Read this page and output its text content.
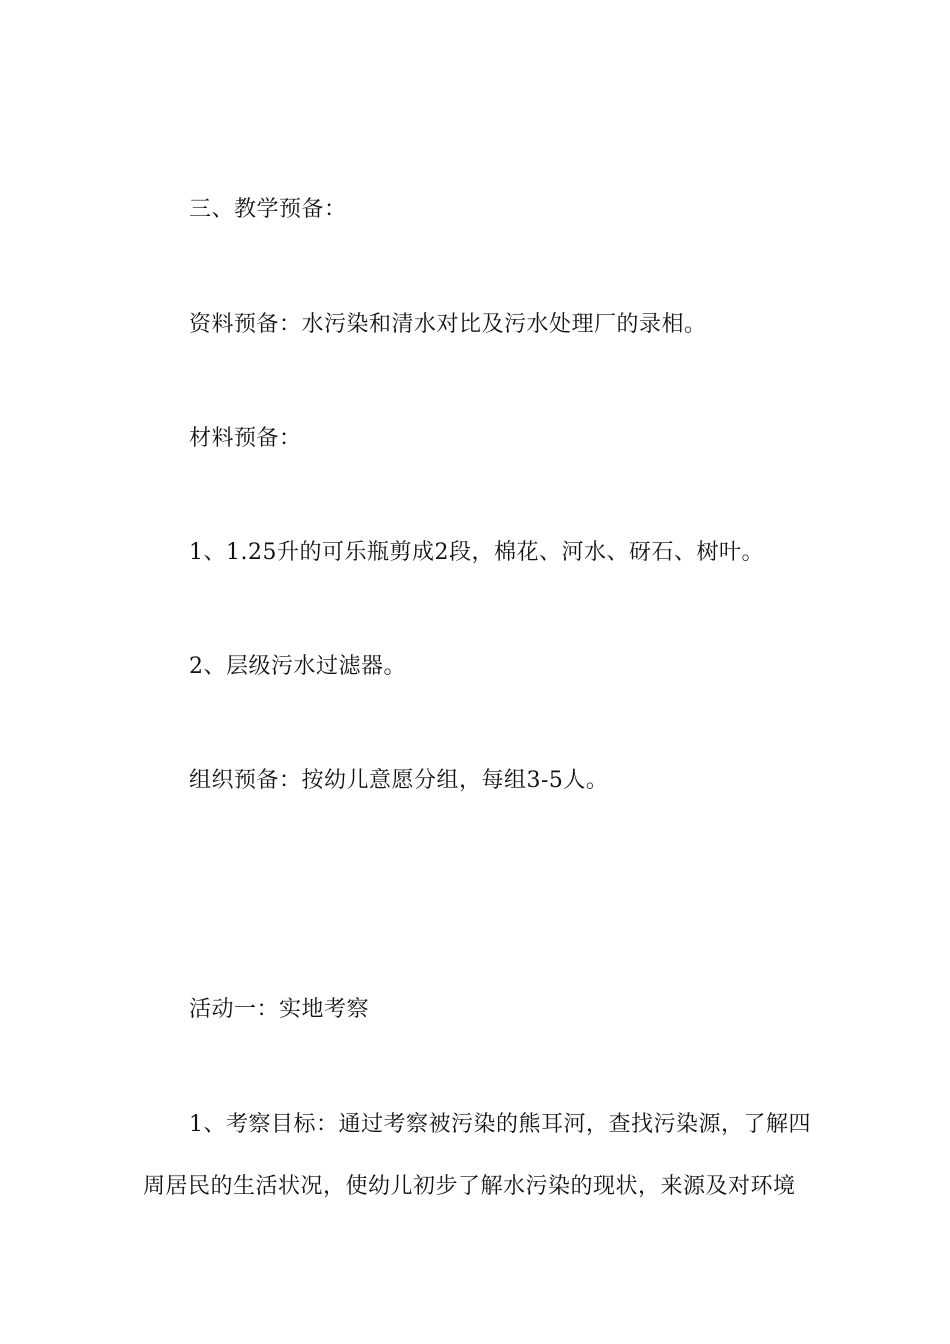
三、教学预备：
资料预备：水污染和清水对比及污水处理厂的录相。
材料预备：
1、1.25升的可乐瓶剪成2段，棉花、河水、砑石、树叶。
2、层级污水过滤器。
组织预备：按幼儿意愿分组，每组3-5人。
活动一：实地考察
1、考察目标：通过考察被污染的熊耳河，查找污染源，了解四周居民的生活状况，使幼儿初步了解水污染的现状，来源及对环境
